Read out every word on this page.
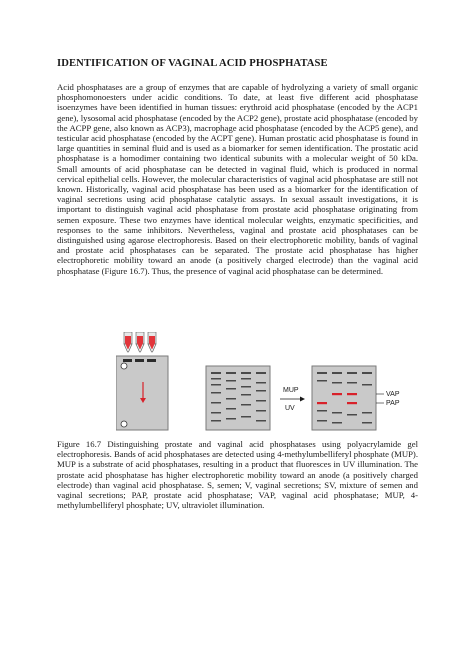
IDENTIFICATION OF VAGINAL ACID PHOSPHATASE

Acid phosphatases are a group of enzymes that are capable of hydrolyzing a variety of small organic phosphomonoesters under acidic conditions. To date, at least five different acid phosphatase isoenzymes have been identified in human tissues: erythroid acid phosphatase (encoded by the ACP1 gene), lysosomal acid phosphatase (encoded by the ACP2 gene), prostate acid phosphatase (encoded by the ACPP gene, also known as ACP3), macrophage acid phosphatase (encoded by the ACP5 gene), and testicular acid phosphatase (encoded by the ACPT gene). Human prostatic acid phosphatase is found in large quantities in seminal fluid and is used as a biomarker for semen identification. The prostatic acid phosphatase is a homodimer containing two identical subunits with a molecular weight of 50 kDa. Small amounts of acid phosphatase can be detected in vaginal fluid, which is produced in normal cervical epithelial cells. However, the molecular characteristics of vaginal acid phosphatase are still not known. Historically, vaginal acid phosphatase has been used as a biomarker for the identification of vaginal secretions using acid phosphatase catalytic assays. In sexual assault investigations, it is important to distinguish vaginal acid phosphatase from prostate acid phosphatase originating from semen exposure. These two enzymes have identical molecular weights, enzymatic specificities, and responses to the same inhibitors. Nevertheless, vaginal and prostate acid phosphatases can be distinguished using agarose electrophoresis. Based on their electrophoretic mobility, bands of vaginal and prostate acid phosphatases can be separated. The prostate acid phosphatase has higher electrophoretic mobility toward an anode (a positively charged electrode) than the vaginal acid phosphatase (Figure 16.7). Thus, the presence of vaginal acid phosphatase can be determined.

MUP
UV
VAP
PAP

Figure 16.7 Distinguishing prostate and vaginal acid phosphatases using polyacrylamide gel electrophoresis. Bands of acid phosphatases are detected using 4-methylumbelliferyl phosphate (MUP). MUP is a substrate of acid phosphatases, resulting in a product that fluoresces in UV illumination. The prostate acid phosphatase has higher electrophoretic mobility toward an anode (a positively charged electrode) than vaginal acid phosphatase. S, semen; V, vaginal secretions; SV, mixture of semen and vaginal secretions; PAP, prostate acid phosphatase; VAP, vaginal acid phosphatase; MUP, 4-methylumbelliferyl phosphate; UV, ultraviolet illumination.
